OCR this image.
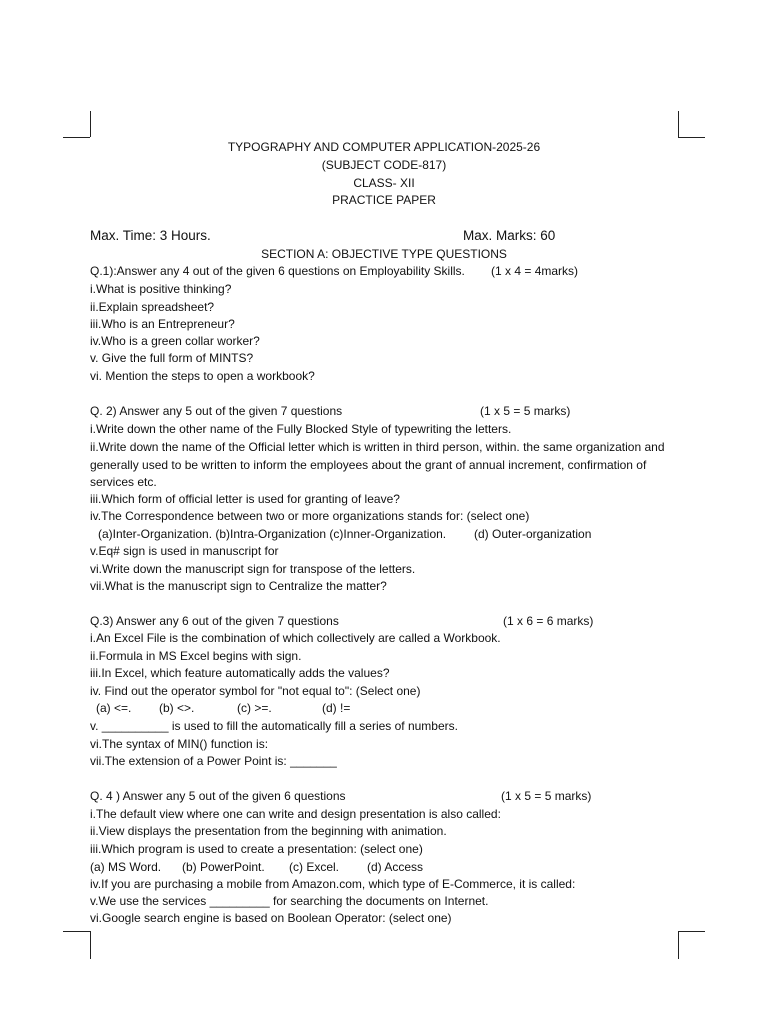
TYPOGRAPHY AND COMPUTER APPLICATION-2025-26
(SUBJECT CODE-817)
CLASS- XII
PRACTICE PAPER
Max. Time: 3 Hours.	Max. Marks: 60
SECTION A: OBJECTIVE TYPE QUESTIONS
Q.1):Answer any 4 out of the given 6 questions on Employability Skills. (1 x 4 = 4marks)
i.What is positive thinking?
ii.Explain spreadsheet?
iii.Who is an Entrepreneur?
iv.Who is a green collar worker?
v. Give the full form of MINTS?
vi. Mention the steps to open a workbook?
Q. 2) Answer any 5 out of the given 7 questions	(1 x 5 = 5 marks)
i.Write down the other name of the Fully Blocked Style of typewriting the letters.
ii.Write down the name of the Official letter which is written in third person, within. the same organization and
generally used to be written to inform the employees about the grant of annual increment, confirmation of
services etc.
iii.Which form of official letter is used for granting of leave?
iv.The Correspondence between two or more organizations stands for: (select one)
(a)Inter-Organization. (b)Intra-Organization (c)Inner-Organization. (d) Outer-organization
v.Eq# sign is used in manuscript for
vi.Write down the manuscript sign for transpose of the letters.
vii.What is the manuscript sign to Centralize the matter?
Q.3) Answer any 6 out of the given 7 questions	(1 x 6 = 6 marks)
i.An Excel File is the combination of which collectively are called a Workbook.
ii.Formula in MS Excel begins with sign.
iii.In Excel, which feature automatically adds the values?
iv. Find out the operator symbol for "not equal to": (Select one)
(a) <=. (b) <>.	(c) >=.	(d) !=
v. __________ is used to fill the automatically fill a series of numbers.
vi.The syntax of MIN() function is:
vii.The extension of a Power Point is: _______
Q. 4 ) Answer any 5 out of the given 6 questions	(1 x 5 = 5 marks)
i.The default view where one can write and design presentation is also called:
ii.View displays the presentation from the beginning with animation.
iii.Which program is used to create a presentation: (select one)
(a) MS Word. (b) PowerPoint. (c) Excel. (d) Access
iv.If you are purchasing a mobile from Amazon.com, which type of E-Commerce, it is called:
v.We use the services _________ for searching the documents on Internet.
vi.Google search engine is based on Boolean Operator: (select one)
